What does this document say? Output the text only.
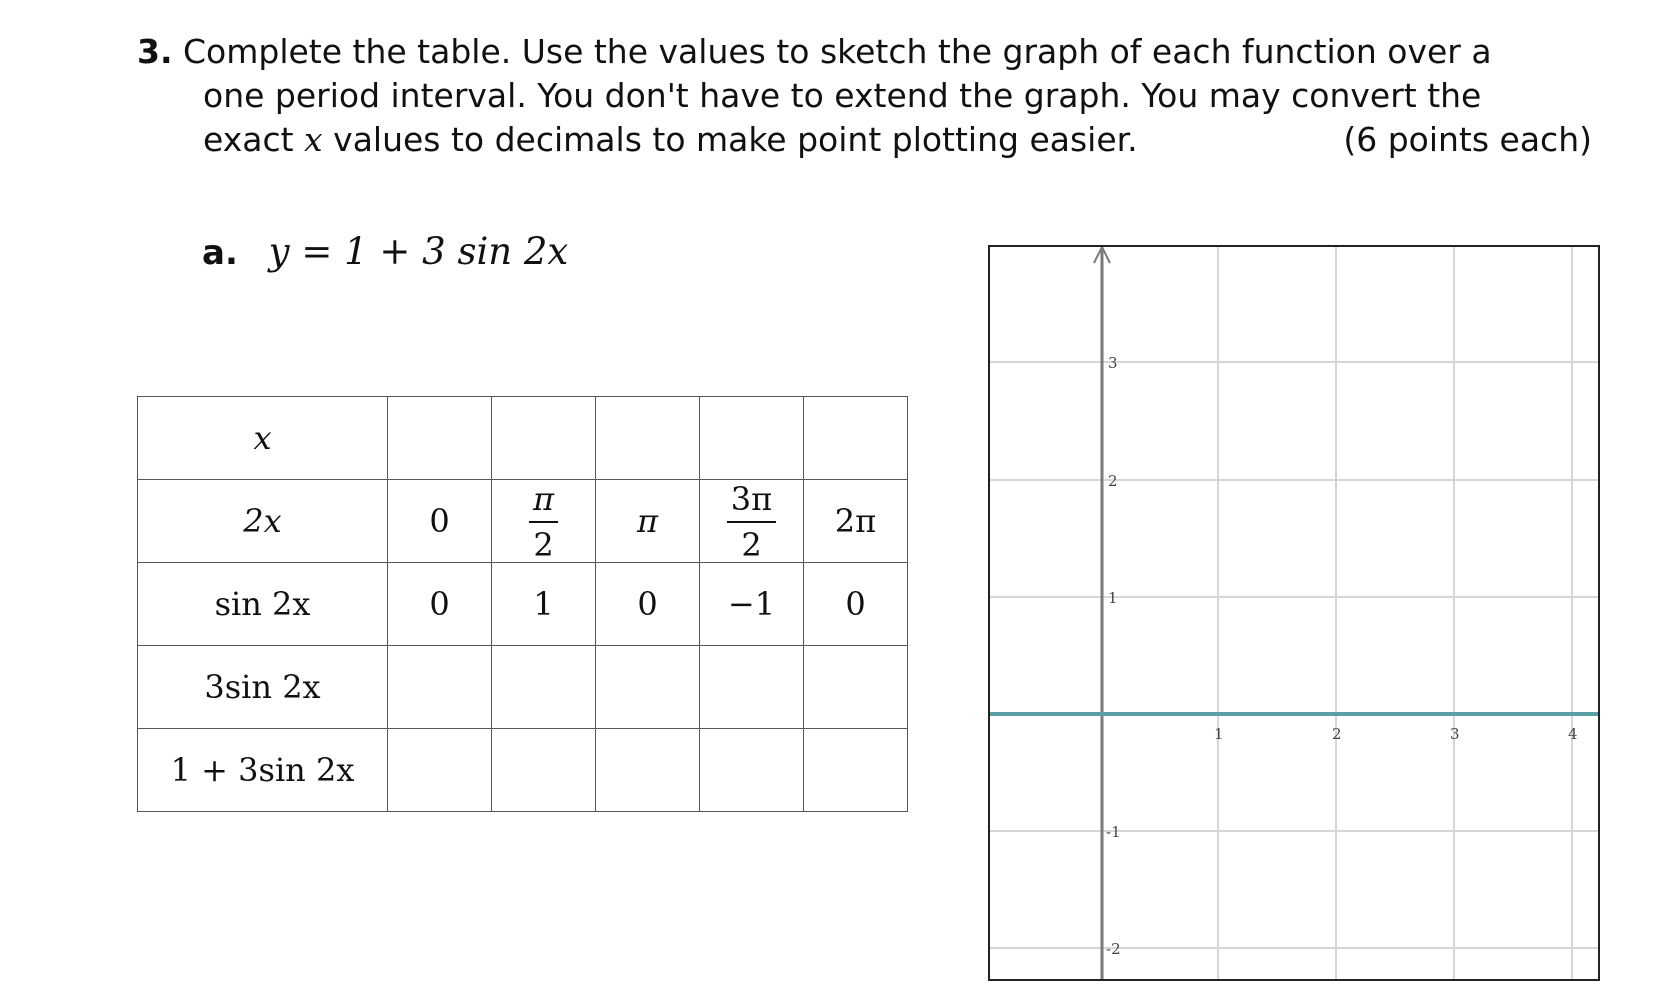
3. Complete the table. Use the values to sketch the graph of each function over a
one period interval. You don't have to extend the graph. You may convert the
exact x values to decimals to make point plotting easier.	(6 points each)
a. y = 1 + 3 sin 2x
x					
2x	0	$\frac{\pi}{2}$	π	$\frac{3\pi}{2}$	2π
sin 2x	0	1	0	−1	0
3sin 2x					
1 + 3sin 2x					
3
2
1
-1
-2
1	2	3	4
